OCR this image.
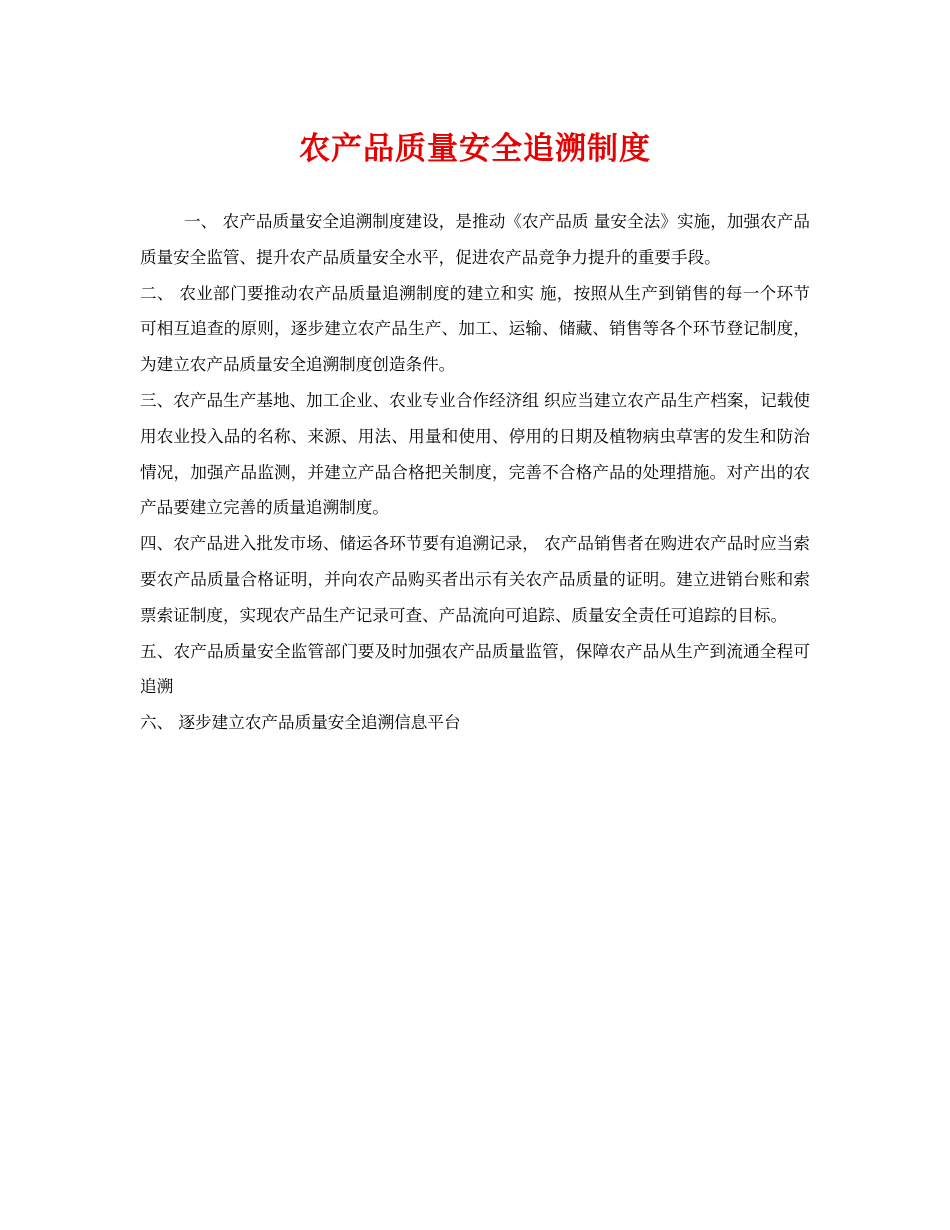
农产品质量安全追溯制度

一、 农产品质量安全追溯制度建设，是推动《农产品质 量安全法》实施，加强农产品质量安全监管、提升农产品质量安全水平，促进农产品竞争力提升的重要手段。

二、 农业部门要推动农产品质量追溯制度的建立和实 施，按照从生产到销售的每一个环节可相互追查的原则，逐步建立农产品生产、加工、运输、储藏、销售等各个环节登记制度，为建立农产品质量安全追溯制度创造条件。

三、农产品生产基地、加工企业、农业专业合作经济组 织应当建立农产品生产档案，记载使用农业投入品的名称、来源、用法、用量和使用、停用的日期及植物病虫草害的发生和防治情况，加强产品监测，并建立产品合格把关制度，完善不合格产品的处理措施。对产出的农产品要建立完善的质量追溯制度。

四、农产品进入批发市场、储运各环节要有追溯记录， 农产品销售者在购进农产品时应当索要农产品质量合格证明，并向农产品购买者出示有关农产品质量的证明。建立进销台账和索票索证制度，实现农产品生产记录可查、产品流向可追踪、质量安全责任可追踪的目标。

五、农产品质量安全监管部门要及时加强农产品质量监管，保障农产品从生产到流通全程可追溯

六、 逐步建立农产品质量安全追溯信息平台
